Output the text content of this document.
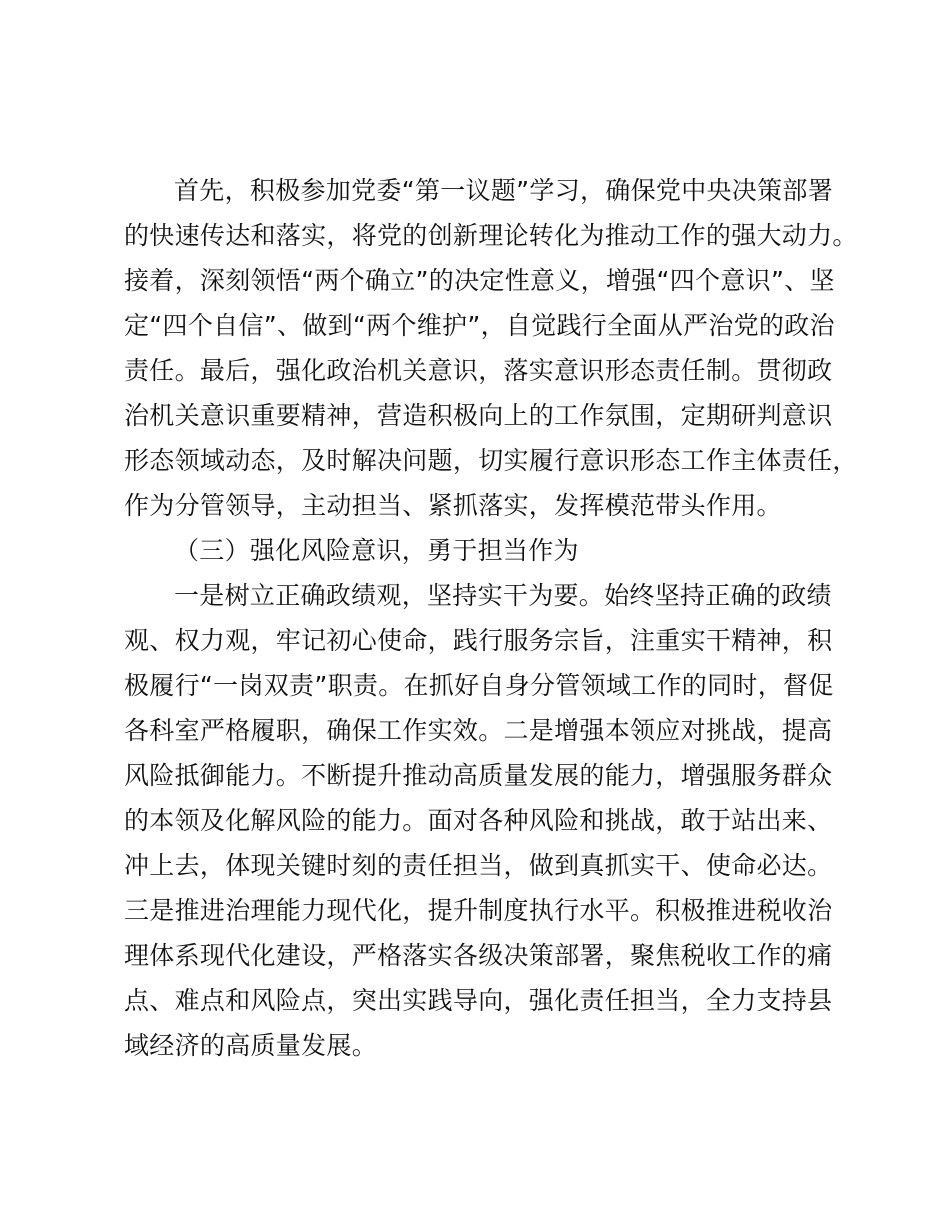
首先，积极参加党委“第一议题”学习，确保党中央决策部署
的快速传达和落实，将党的创新理论转化为推动工作的强大动力。
接着，深刻领悟“两个确立”的决定性意义，增强“四个意识”、坚
定“四个自信”、做到“两个维护”，自觉践行全面从严治党的政治
责任。最后，强化政治机关意识，落实意识形态责任制。贯彻政
治机关意识重要精神，营造积极向上的工作氛围，定期研判意识
形态领域动态，及时解决问题，切实履行意识形态工作主体责任，
作为分管领导，主动担当、紧抓落实，发挥模范带头作用。
（三）强化风险意识，勇于担当作为
一是树立正确政绩观，坚持实干为要。始终坚持正确的政绩
观、权力观，牢记初心使命，践行服务宗旨，注重实干精神，积
极履行“一岗双责”职责。在抓好自身分管领域工作的同时，督促
各科室严格履职，确保工作实效。二是增强本领应对挑战，提高
风险抵御能力。不断提升推动高质量发展的能力，增强服务群众
的本领及化解风险的能力。面对各种风险和挑战，敢于站出来、
冲上去，体现关键时刻的责任担当，做到真抓实干、使命必达。
三是推进治理能力现代化，提升制度执行水平。积极推进税收治
理体系现代化建设，严格落实各级决策部署，聚焦税收工作的痛
点、难点和风险点，突出实践导向，强化责任担当，全力支持县
域经济的高质量发展。
